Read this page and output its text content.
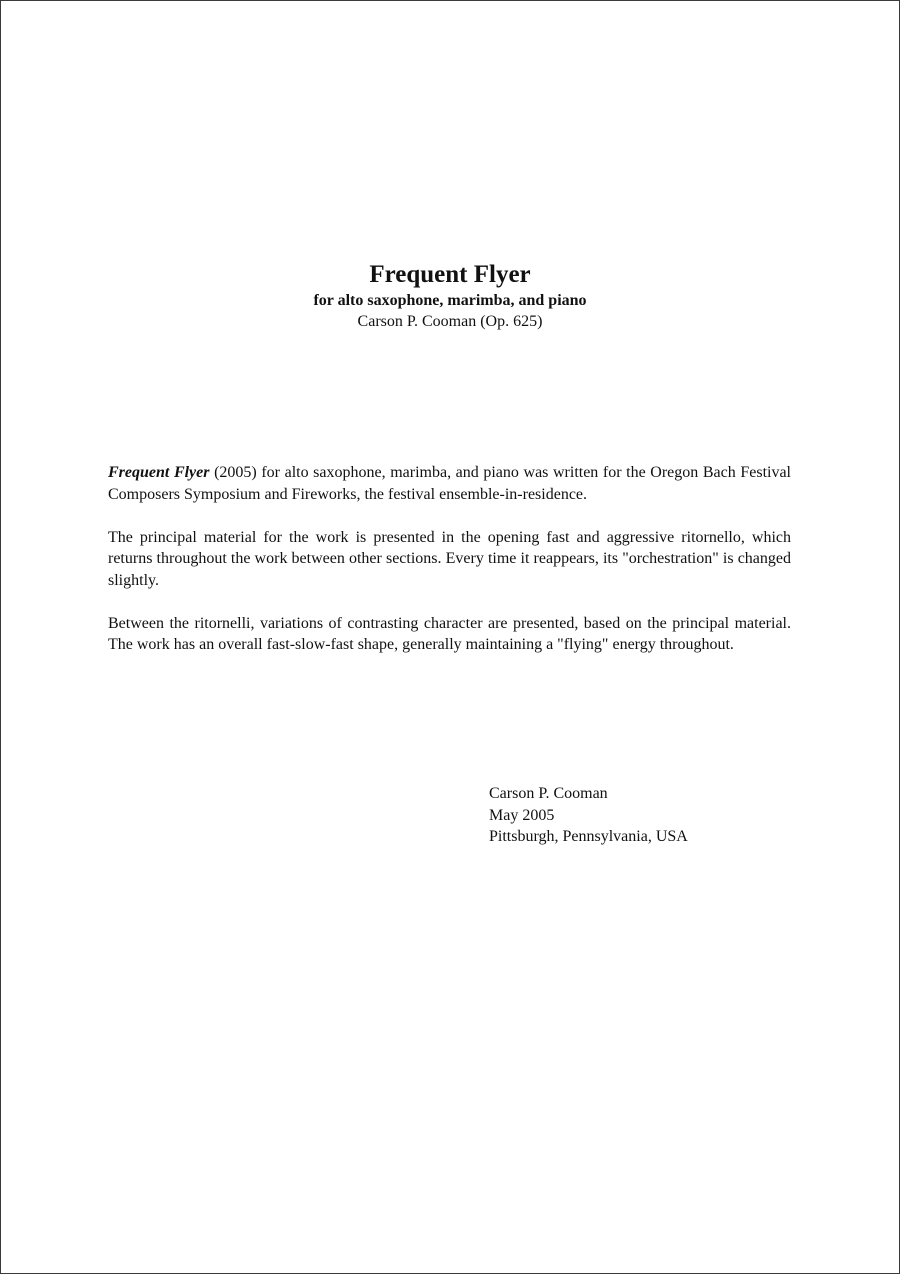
Frequent Flyer
for alto saxophone, marimba, and piano
Carson P. Cooman (Op. 625)

Frequent Flyer (2005) for alto saxophone, marimba, and piano was written for the Oregon Bach Festival Composers Symposium and Fireworks, the festival ensemble-in-residence.

The principal material for the work is presented in the opening fast and aggressive ritornello, which returns throughout the work between other sections. Every time it reappears, its "orchestration" is changed slightly.

Between the ritornelli, variations of contrasting character are presented, based on the principal material. The work has an overall fast-slow-fast shape, generally maintaining a "flying" energy throughout.

Carson P. Cooman
May 2005
Pittsburgh, Pennsylvania, USA
